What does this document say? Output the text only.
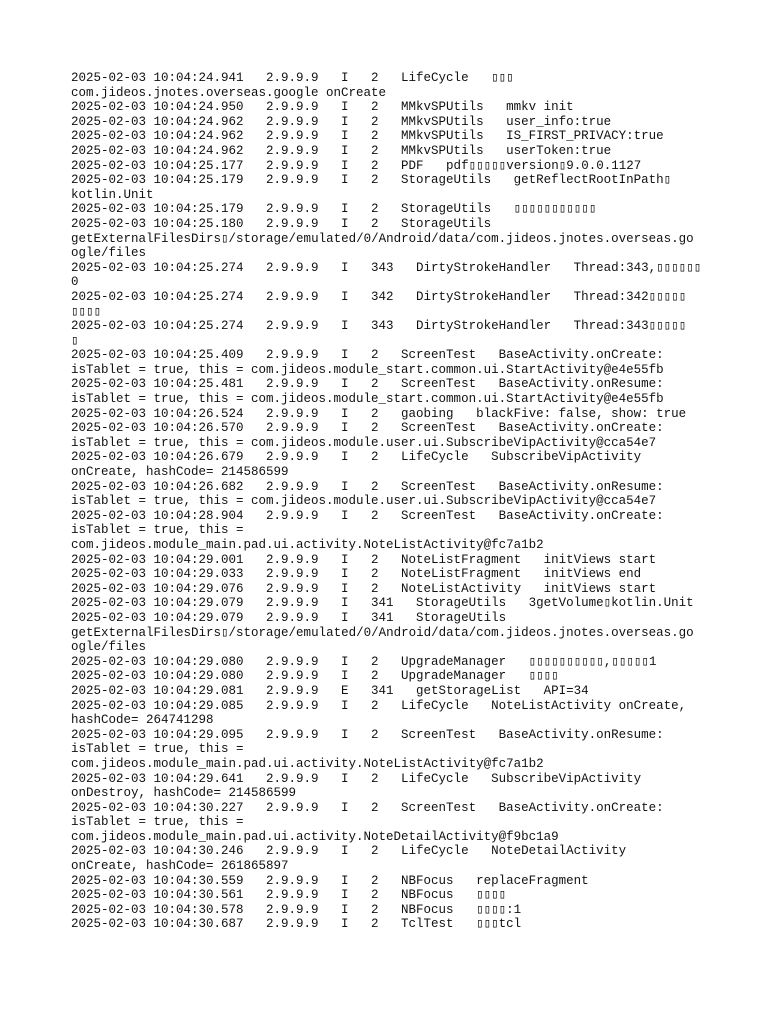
2025-02-03 10:04:24.941   2.9.9.9   I   2   LifeCycle   ▯▯▯
com.jideos.jnotes.overseas.google onCreate

2025-02-03 10:04:24.950   2.9.9.9   I   2   MMkvSPUtils   mmkv init

2025-02-03 10:04:24.962   2.9.9.9   I   2   MMkvSPUtils   user_info:true

2025-02-03 10:04:24.962   2.9.9.9   I   2   MMkvSPUtils   IS_FIRST_PRIVACY:true

2025-02-03 10:04:24.962   2.9.9.9   I   2   MMkvSPUtils   userToken:true

2025-02-03 10:04:25.177   2.9.9.9   I   2   PDF   pdf▯▯▯▯▯version▯9.0.0.1127

2025-02-03 10:04:25.179   2.9.9.9   I   2   StorageUtils   getReflectRootInPath▯
kotlin.Unit

2025-02-03 10:04:25.179   2.9.9.9   I   2   StorageUtils   ▯▯▯▯▯▯▯▯▯▯▯

2025-02-03 10:04:25.180   2.9.9.9   I   2   StorageUtils
getExternalFilesDirs▯/storage/emulated/0/Android/data/com.jideos.jnotes.overseas.go
ogle/files

2025-02-03 10:04:25.274   2.9.9.9   I   343   DirtyStrokeHandler   Thread:343,▯▯▯▯▯▯
0

2025-02-03 10:04:25.274   2.9.9.9   I   342   DirtyStrokeHandler   Thread:342▯▯▯▯▯
▯▯▯▯

2025-02-03 10:04:25.274   2.9.9.9   I   343   DirtyStrokeHandler   Thread:343▯▯▯▯▯
▯

2025-02-03 10:04:25.409   2.9.9.9   I   2   ScreenTest   BaseActivity.onCreate:
isTablet = true, this = com.jideos.module_start.common.ui.StartActivity@e4e55fb

2025-02-03 10:04:25.481   2.9.9.9   I   2   ScreenTest   BaseActivity.onResume:
isTablet = true, this = com.jideos.module_start.common.ui.StartActivity@e4e55fb

2025-02-03 10:04:26.524   2.9.9.9   I   2   gaobing   blackFive: false, show: true

2025-02-03 10:04:26.570   2.9.9.9   I   2   ScreenTest   BaseActivity.onCreate:
isTablet = true, this = com.jideos.module.user.ui.SubscribeVipActivity@cca54e7

2025-02-03 10:04:26.679   2.9.9.9   I   2   LifeCycle   SubscribeVipActivity
onCreate, hashCode= 214586599

2025-02-03 10:04:26.682   2.9.9.9   I   2   ScreenTest   BaseActivity.onResume:
isTablet = true, this = com.jideos.module.user.ui.SubscribeVipActivity@cca54e7

2025-02-03 10:04:28.904   2.9.9.9   I   2   ScreenTest   BaseActivity.onCreate:
isTablet = true, this =
com.jideos.module_main.pad.ui.activity.NoteListActivity@fc7a1b2

2025-02-03 10:04:29.001   2.9.9.9   I   2   NoteListFragment   initViews start

2025-02-03 10:04:29.033   2.9.9.9   I   2   NoteListFragment   initViews end

2025-02-03 10:04:29.076   2.9.9.9   I   2   NoteListActivity   initViews start

2025-02-03 10:04:29.079   2.9.9.9   I   341   StorageUtils   3getVolume▯kotlin.Unit

2025-02-03 10:04:29.079   2.9.9.9   I   341   StorageUtils
getExternalFilesDirs▯/storage/emulated/0/Android/data/com.jideos.jnotes.overseas.go
ogle/files

2025-02-03 10:04:29.080   2.9.9.9   I   2   UpgradeManager   ▯▯▯▯▯▯▯▯▯▯,▯▯▯▯▯1

2025-02-03 10:04:29.080   2.9.9.9   I   2   UpgradeManager   ▯▯▯▯

2025-02-03 10:04:29.081   2.9.9.9   E   341   getStorageList   API=34

2025-02-03 10:04:29.085   2.9.9.9   I   2   LifeCycle   NoteListActivity onCreate,
hashCode= 264741298

2025-02-03 10:04:29.095   2.9.9.9   I   2   ScreenTest   BaseActivity.onResume:
isTablet = true, this =
com.jideos.module_main.pad.ui.activity.NoteListActivity@fc7a1b2

2025-02-03 10:04:29.641   2.9.9.9   I   2   LifeCycle   SubscribeVipActivity
onDestroy, hashCode= 214586599

2025-02-03 10:04:30.227   2.9.9.9   I   2   ScreenTest   BaseActivity.onCreate:
isTablet = true, this =
com.jideos.module_main.pad.ui.activity.NoteDetailActivity@f9bc1a9

2025-02-03 10:04:30.246   2.9.9.9   I   2   LifeCycle   NoteDetailActivity
onCreate, hashCode= 261865897

2025-02-03 10:04:30.559   2.9.9.9   I   2   NBFocus   replaceFragment

2025-02-03 10:04:30.561   2.9.9.9   I   2   NBFocus   ▯▯▯▯

2025-02-03 10:04:30.578   2.9.9.9   I   2   NBFocus   ▯▯▯▯:1

2025-02-03 10:04:30.687   2.9.9.9   I   2   TclTest   ▯▯▯tcl
